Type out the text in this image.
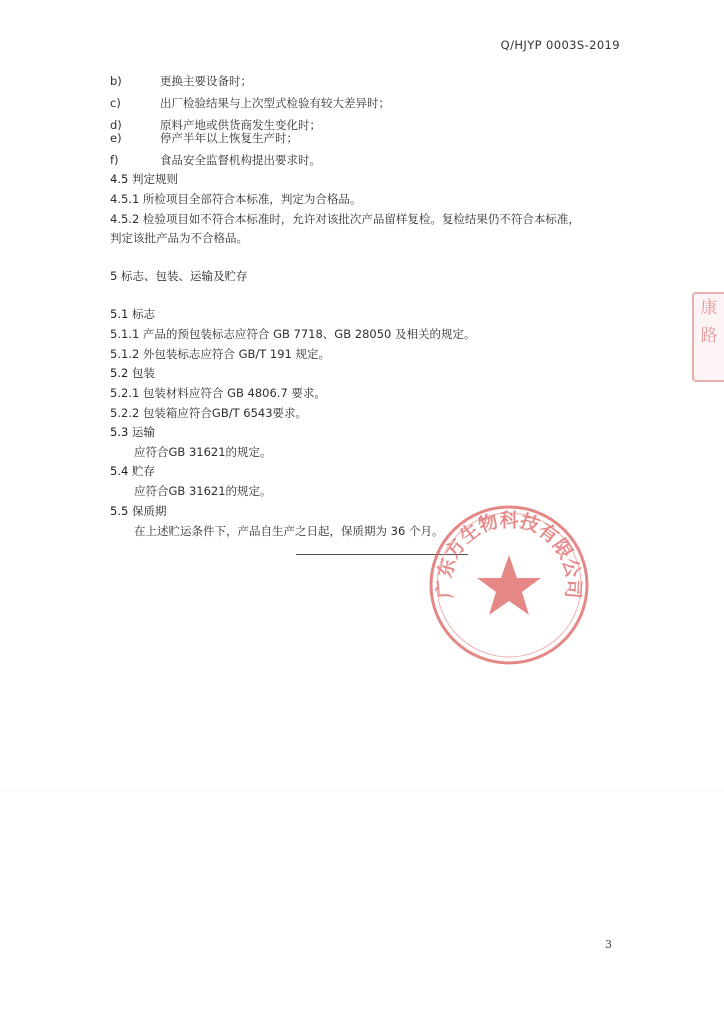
Q/HJYP 0003S-2019
b)	更换主要设备时；
c)	出厂检验结果与上次型式检验有较大差异时；
d)	原料产地或供货商发生变化时；
e)	停产半年以上恢复生产时；
f)	食品安全监督机构提出要求时。
4.5 判定规则
4.5.1 所检项目全部符合本标准，判定为合格品。
4.5.2 检验项目如不符合本标准时，允许对该批次产品留样复检。复检结果仍不符合本标准，
判定该批产品为不合格品。
5 标志、包装、运输及贮存
5.1 标志
5.1.1 产品的预包装标志应符合 GB 7718、GB 28050 及相关的规定。
5.1.2 外包装标志应符合 GB/T 191 规定。
5.2 包装
5.2.1 包装材料应符合 GB 4806.7 要求。
5.2.2 包装箱应符合GB/T 6543要求。
5.3 运输
应符合GB 31621的规定。
5.4 贮存
应符合GB 31621的规定。
5.5 保质期
在上述贮运条件下，产品自生产之日起，保质期为 36 个月。
广东方生物科技有限公司
康
路
3
